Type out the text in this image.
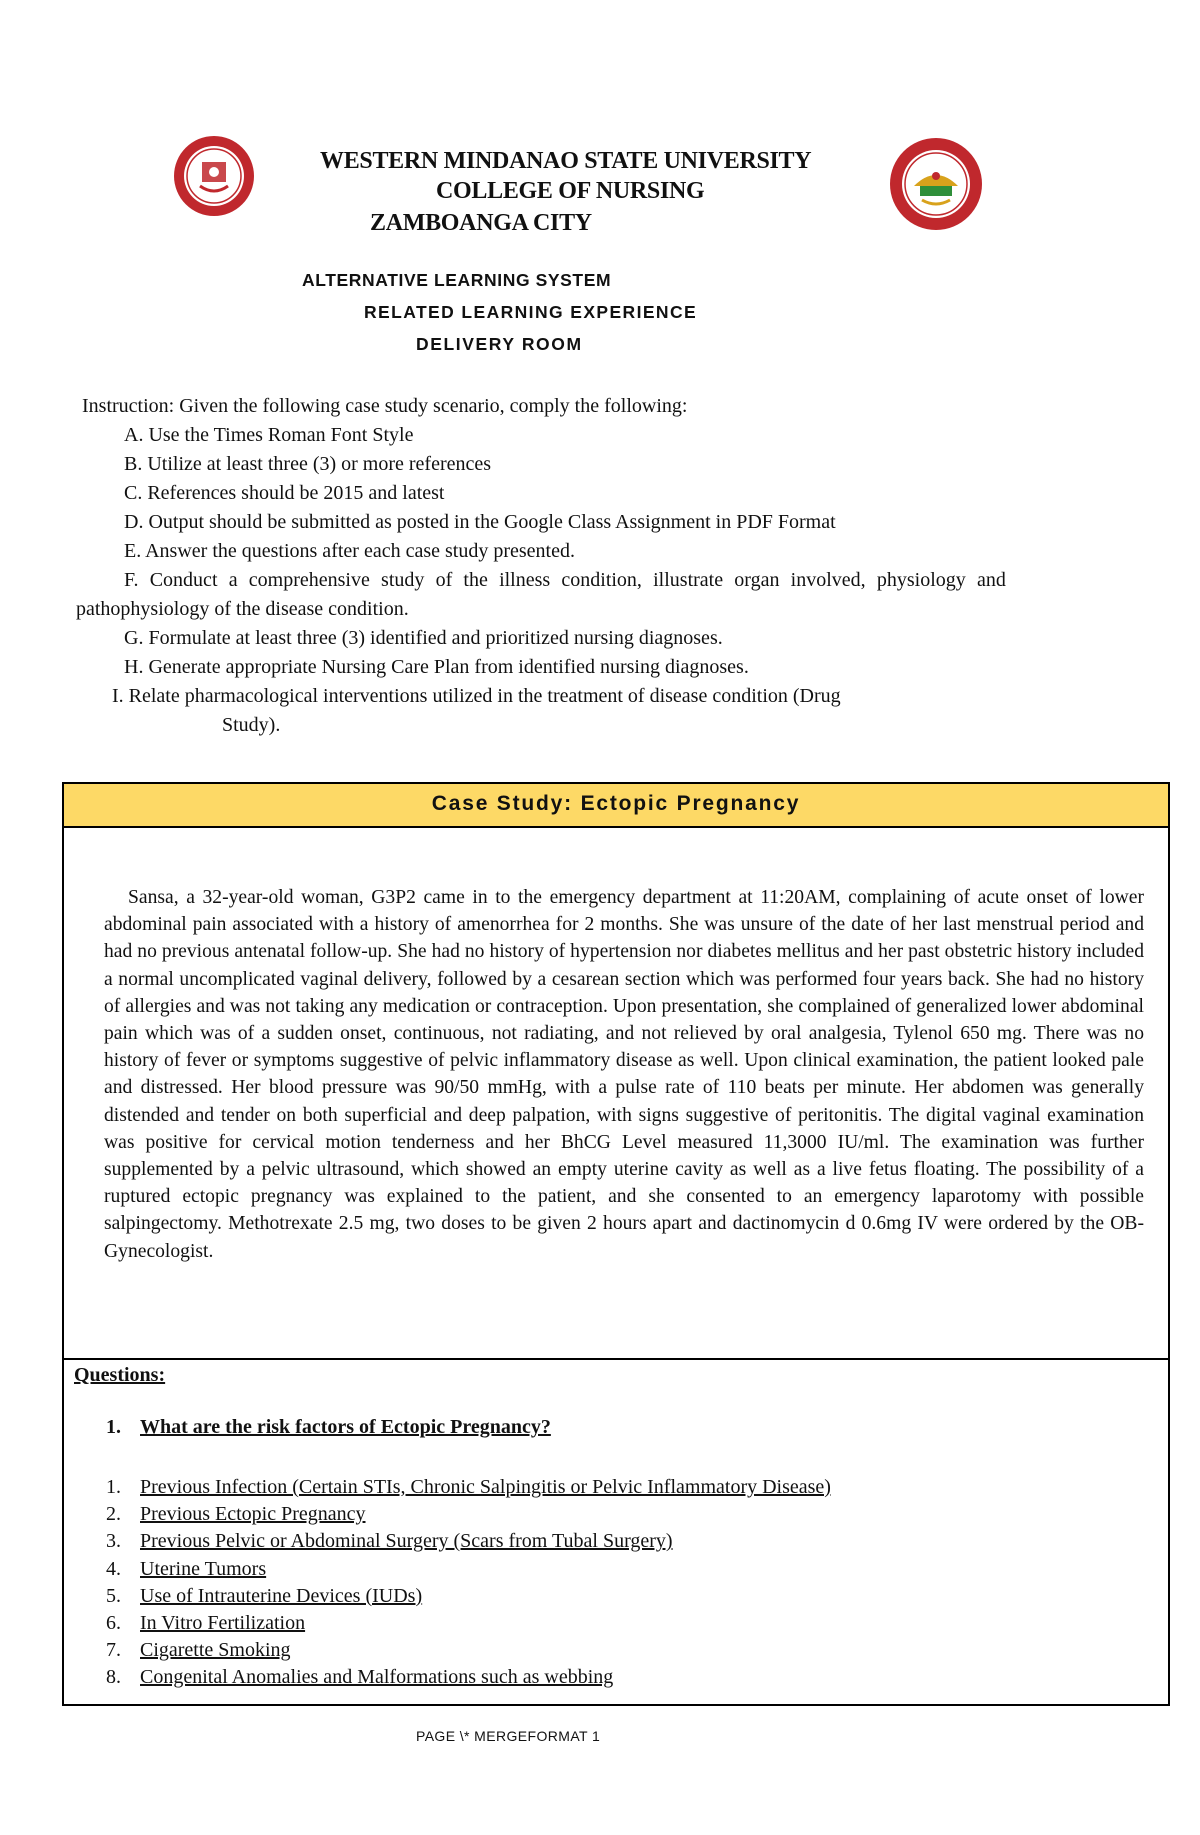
WESTERN MINDANAO STATE UNIVERSITY
COLLEGE OF NURSING
ZAMBOANGA CITY
ALTERNATIVE LEARNING SYSTEM
RELATED LEARNING EXPERIENCE
DELIVERY ROOM
Instruction: Given the following case study scenario, comply the following:
A. Use the Times Roman Font Style
B. Utilize at least three (3) or more references
C. References should be 2015 and latest
D. Output should be submitted as posted in the Google Class Assignment in PDF Format
E. Answer the questions after each case study presented.
F. Conduct a comprehensive study of the illness condition, illustrate organ involved, physiology and
pathophysiology of the disease condition.
G. Formulate at least three (3) identified and prioritized nursing diagnoses.
H. Generate appropriate Nursing Care Plan from identified nursing diagnoses.
I. Relate pharmacological interventions utilized in the treatment of disease condition (Drug
Study).
Case Study: Ectopic Pregnancy

Sansa, a 32-year-old woman, G3P2 came in to the emergency department at 11:20AM, complaining of acute onset of lower abdominal pain associated with a history of amenorrhea for 2 months. She was unsure of the date of her last menstrual period and had no previous antenatal follow-up. She had no history of hypertension nor diabetes mellitus and her past obstetric history included a normal uncomplicated vaginal delivery, followed by a cesarean section which was performed four years back. She had no history of allergies and was not taking any medication or contraception. Upon presentation, she complained of generalized lower abdominal pain which was of a sudden onset, continuous, not radiating, and not relieved by oral analgesia, Tylenol 650 mg. There was no history of fever or symptoms suggestive of pelvic inflammatory disease as well. Upon clinical examination, the patient looked pale and distressed. Her blood pressure was 90/50 mmHg, with a pulse rate of 110 beats per minute. Her abdomen was generally distended and tender on both superficial and deep palpation, with signs suggestive of peritonitis. The digital vaginal examination was positive for cervical motion tenderness and her BhCG Level measured 11,3000 IU/ml. The examination was further supplemented by a pelvic ultrasound, which showed an empty uterine cavity as well as a live fetus floating. The possibility of a ruptured ectopic pregnancy was explained to the patient, and she consented to an emergency laparotomy with possible salpingectomy. Methotrexate 2.5 mg, two doses to be given 2 hours apart and dactinomycin d 0.6mg IV were ordered by the OB-Gynecologist.

Questions:
1. What are the risk factors of Ectopic Pregnancy?
1. Previous Infection (Certain STIs, Chronic Salpingitis or Pelvic Inflammatory Disease)
2. Previous Ectopic Pregnancy
3. Previous Pelvic or Abdominal Surgery (Scars from Tubal Surgery)
4. Uterine Tumors
5. Use of Intrauterine Devices (IUDs)
6. In Vitro Fertilization
7. Cigarette Smoking
8. Congenital Anomalies and Malformations such as webbing
PAGE \* MERGEFORMAT 1
